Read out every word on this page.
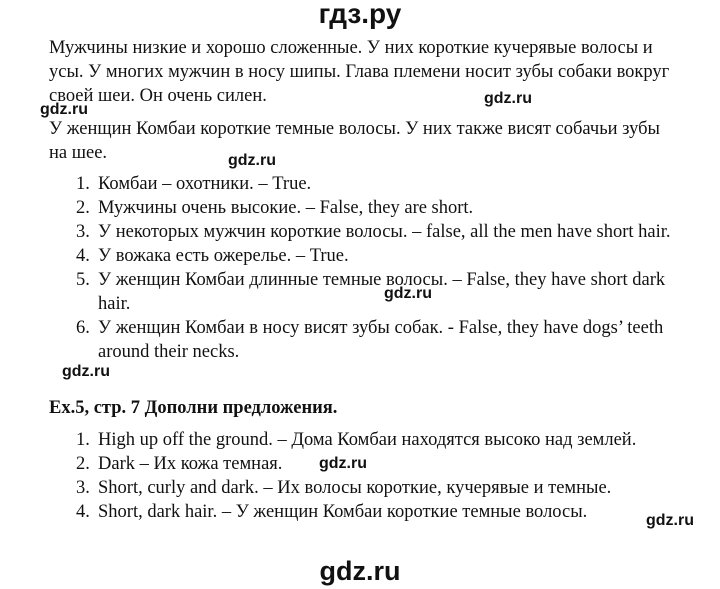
гдз.ру
Мужчины низкие и хорошо сложенные. У них короткие кучерявые волосы и
усы. У многих мужчин в носу шипы. Глава племени носит зубы собаки вокруг
своей шеи. Он очень силен.
У женщин Комбаи короткие темные волосы. У них также висят собачьи зубы
на шее.
1. Комбаи – охотники. – True.
2. Мужчины очень высокие. – False, they are short.
3. У некоторых мужчин короткие волосы. – false, all the men have short hair.
4. У вожака есть ожерелье. – True.
5. У женщин Комбаи длинные темные волосы. – False, they have short dark
hair.
6. У женщин Комбаи в носу висят зубы собак. - False, they have dogs’ teeth
around their necks.
Ex.5, стр. 7 Дополни предложения.
1. High up off the ground. – Дома Комбаи находятся высоко над землей.
2. Dark – Их кожа темная.
3. Short, curly and dark. – Их волосы короткие, кучерявые и темные.
4. Short, dark hair. – У женщин Комбаи короткие темные волосы.
gdz.ru
gdz.ru
gdz.ru
gdz.ru
gdz.ru
gdz.ru
gdz.ru
gdz.ru
